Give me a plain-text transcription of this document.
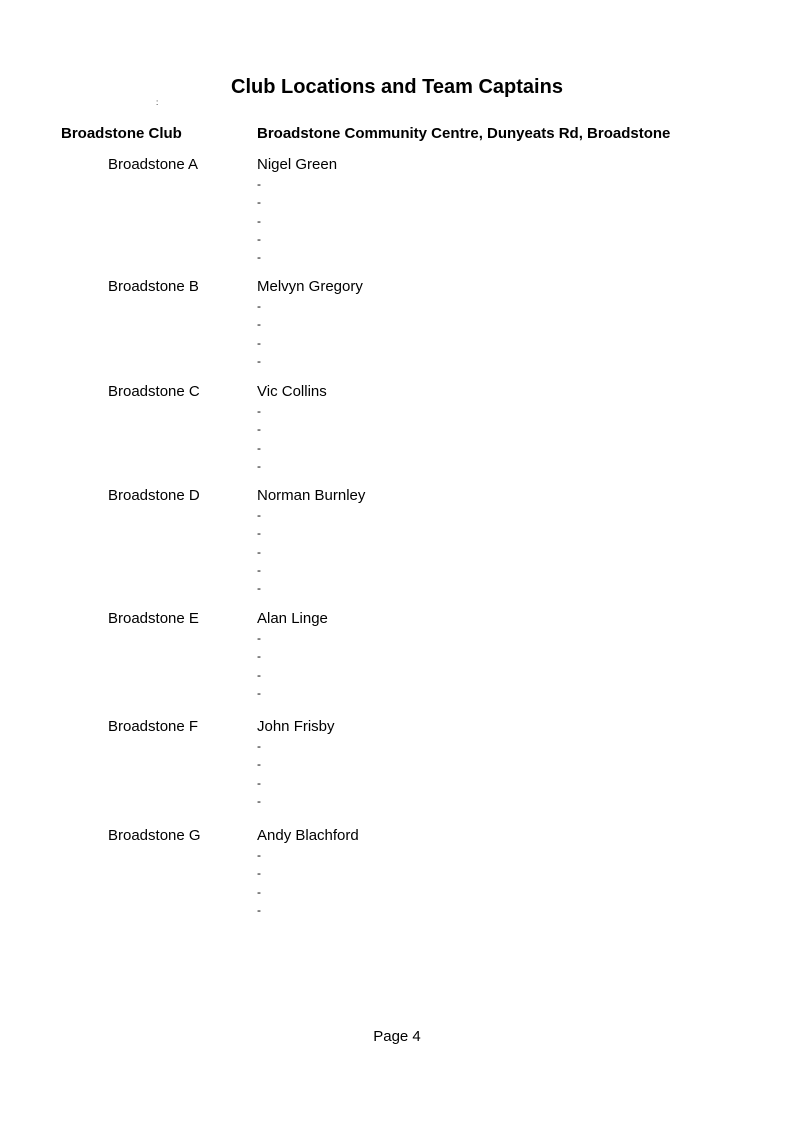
Club Locations and Team Captains
:
Broadstone Club	Broadstone Community Centre, Dunyeats Rd, Broadstone
Broadstone A	Nigel Green
-
-
-
-
-
Broadstone B	Melvyn Gregory
-
-
-
-
Broadstone C	Vic Collins
-
-
-
-
Broadstone D	Norman Burnley
-
-
-
-
-
Broadstone E	Alan Linge
-
-
-
-
Broadstone F	John Frisby
-
-
-
-
Broadstone G	Andy Blachford
-
-
-
-
Page 4
